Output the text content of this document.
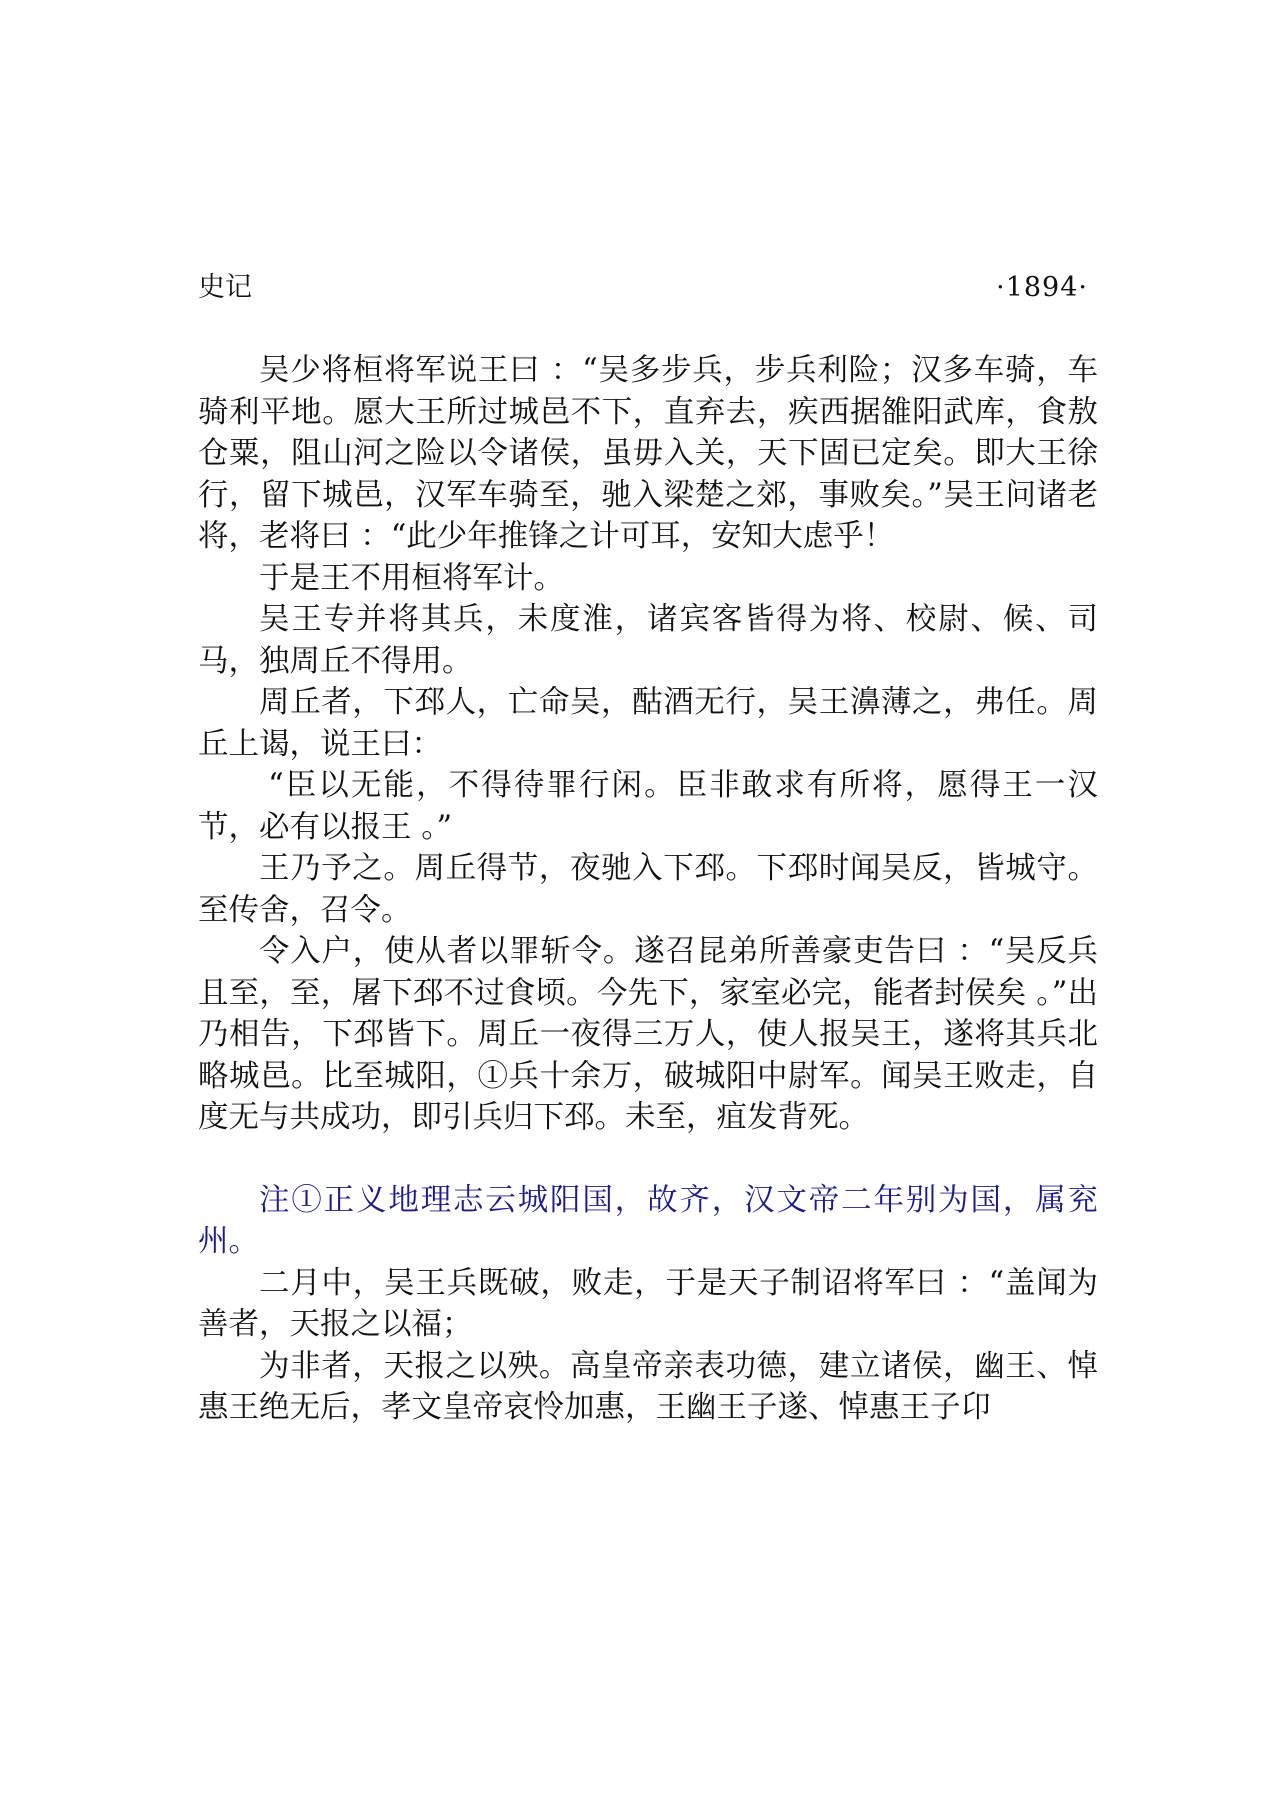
史记	·1894·

吴少将桓将军说王曰 ：“吴多步兵，步兵利险；汉多车骑，车骑利平地。愿大王所过城邑不下，直弃去，疾西据雒阳武库，食敖仓粟，阻山河之险以令诸侯，虽毋入关，天下固已定矣。即大王徐行，留下城邑，汉军车骑至，驰入梁楚之郊，事败矣。”吴王问诸老将，老将曰 ：“此少年推锋之计可耳，安知大虑乎！

于是王不用桓将军计。

吴王专并将其兵，未度淮，诸宾客皆得为将、校尉、候、司马，独周丘不得用。

周丘者，下邳人，亡命吴，酤酒无行，吴王濞薄之，弗任。周丘上谒，说王曰：

“臣以无能，不得待罪行闲。臣非敢求有所将，愿得王一汉节，必有以报王 。”

王乃予之。周丘得节，夜驰入下邳。下邳时闻吴反，皆城守。至传舍，召令。

令入户，使从者以罪斩令。遂召昆弟所善豪吏告曰 ：“吴反兵且至，至，屠下邳不过食顷。今先下，家室必完，能者封侯矣 。”出乃相告，下邳皆下。周丘一夜得三万人，使人报吴王，遂将其兵北略城邑。比至城阳，①兵十余万，破城阳中尉军。闻吴王败走，自度无与共成功，即引兵归下邳。未至，疽发背死。

注①正义地理志云城阳国，故齐，汉文帝二年别为国，属兖州。

二月中，吴王兵既破，败走，于是天子制诏将军曰 ：“盖闻为善者，天报之以福；

为非者，天报之以殃。高皇帝亲表功德，建立诸侯，幽王、悼惠王绝无后，孝文皇帝哀怜加惠，王幽王子遂、悼惠王子卬
